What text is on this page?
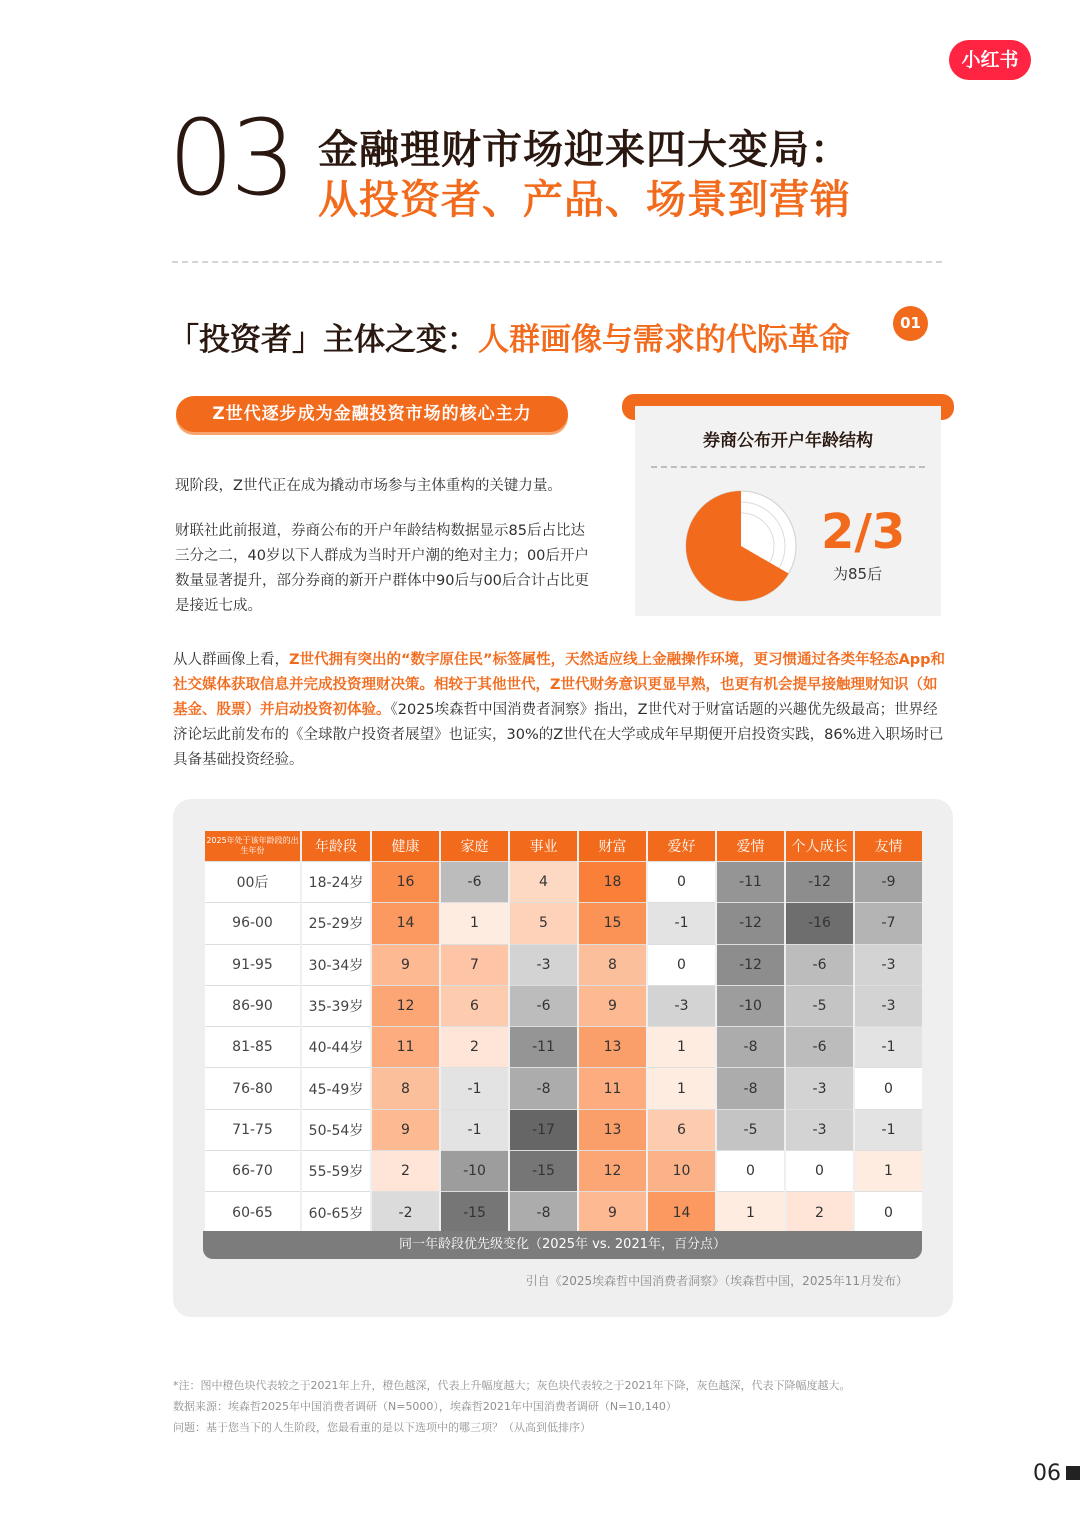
小红书
03 金融理财市场迎来四大变局：
从投资者、产品、场景到营销
「投资者」主体之变：人群画像与需求的代际革命	01
Z世代逐步成为金融投资市场的核心主力
现阶段，Z世代正在成为撬动市场参与主体重构的关键力量。
财联社此前报道，券商公布的开户年龄结构数据显示85后占比达三分之二，40岁以下人群成为当时开户潮的绝对主力；00后开户数量显著提升，部分券商的新开户群体中90后与00后合计占比更是接近七成。
券商公布开户年龄结构
2/3
为85后
从人群画像上看，Z世代拥有突出的“数字原住民”标签属性，天然适应线上金融操作环境，更习惯通过各类年轻态App和社交媒体获取信息并完成投资理财决策。相较于其他世代，Z世代财务意识更显早熟，也更有机会提早接触理财知识（如基金、股票）并启动投资初体验。《2025埃森哲中国消费者洞察》指出，Z世代对于财富话题的兴趣优先级最高；世界经济论坛此前发布的《全球散户投资者展望》也证实，30%的Z世代在大学或成年早期便开启投资实践，86%进入职场时已具备基础投资经验。
2025年处于该年龄段的出生年份	年龄段	健康	家庭	事业	财富	爱好	爱情	个人成长	友情
00后	18-24岁	16	-6	4	18	0	-11	-12	-9
96-00	25-29岁	14	1	5	15	-1	-12	-16	-7
91-95	30-34岁	9	7	-3	8	0	-12	-6	-3
86-90	35-39岁	12	6	-6	9	-3	-10	-5	-3
81-85	40-44岁	11	2	-11	13	1	-8	-6	-1
76-80	45-49岁	8	-1	-8	11	1	-8	-3	0
71-75	50-54岁	9	-1	-17	13	6	-5	-3	-1
66-70	55-59岁	2	-10	-15	12	10	0	0	1
60-65	60-65岁	-2	-15	-8	9	14	1	2	0
同一年龄段优先级变化（2025年 vs. 2021年，百分点）
引自《2025埃森哲中国消费者洞察》（埃森哲中国，2025年11月发布）
*注：图中橙色块代表较之于2021年上升，橙色越深，代表上升幅度越大；灰色块代表较之于2021年下降，灰色越深，代表下降幅度越大。
数据来源：埃森哲2025年中国消费者调研（N=5000），埃森哲2021年中国消费者调研（N=10,140）
问题：基于您当下的人生阶段，您最看重的是以下选项中的哪三项？（从高到低排序）
06
